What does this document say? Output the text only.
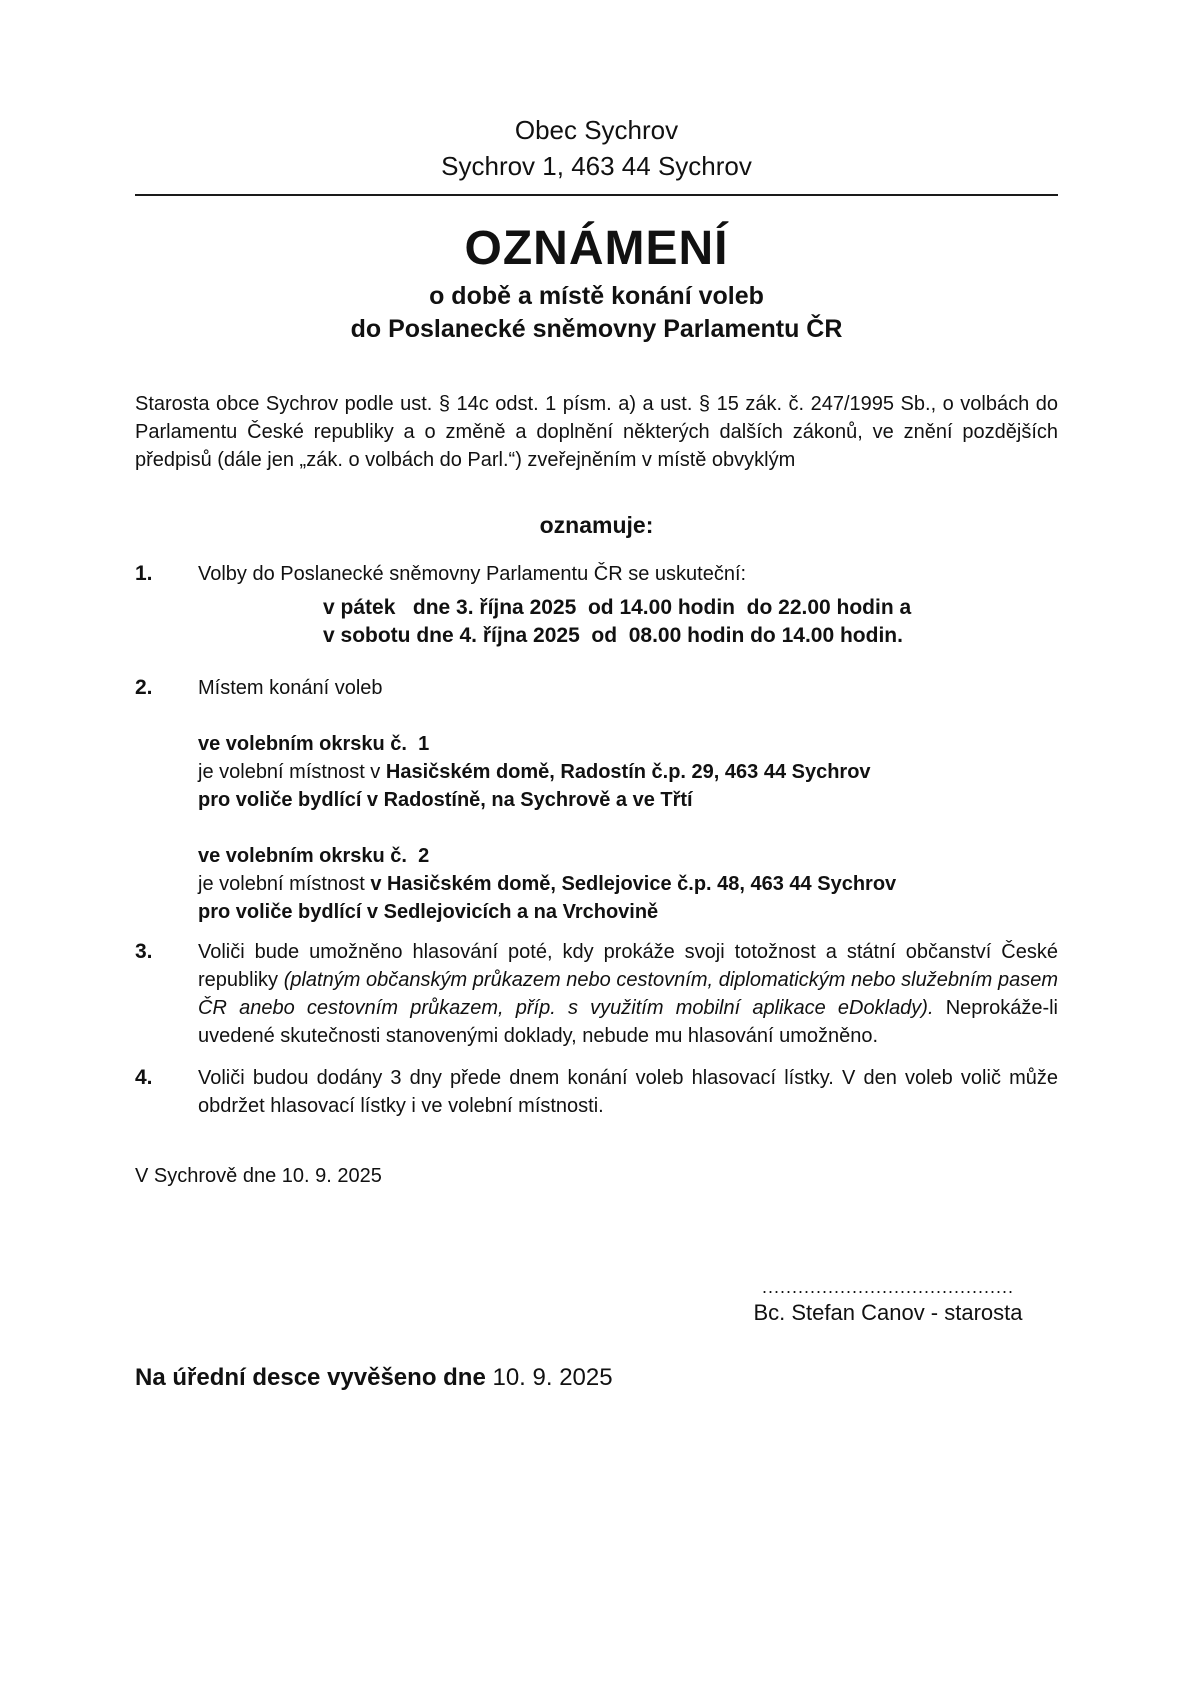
Obec Sychrov
Sychrov 1, 463 44 Sychrov
OZNÁMENÍ
o době a místě konání voleb
do Poslanecké sněmovny Parlamentu ČR

Starosta obce Sychrov podle ust. § 14c odst. 1 písm. a) a ust. § 15 zák. č. 247/1995 Sb., o volbách do Parlamentu České republiky a o změně a doplnění některých dalších zákonů, ve znění pozdějších předpisů (dále jen „zák. o volbách do Parl.“) zveřejněním v místě obvyklým

oznamuje:
1.	Volby do Poslanecké sněmovny Parlamentu ČR se uskuteční:
v pátek   dne 3. října 2025  od 14.00 hodin  do 22.00 hodin a
v sobotu dne 4. října 2025  od  08.00 hodin do 14.00 hodin.
2.	Místem konání voleb
ve volebním okrsku č.  1
je volební místnost v Hasičském domě, Radostín č.p. 29, 463 44 Sychrov
pro voliče bydlící v Radostíně, na Sychrově a ve Třtí
ve volebním okrsku č.  2
je volební místnost v Hasičském domě, Sedlejovice č.p. 48, 463 44 Sychrov
pro voliče bydlící v Sedlejovicích a na Vrchovině
3.	Voliči bude umožněno hlasování poté, kdy prokáže svoji totožnost a státní občanství České republiky (platným občanským průkazem nebo cestovním, diplomatickým nebo služebním pasem ČR anebo cestovním průkazem, příp. s využitím mobilní aplikace eDoklady). Neprokáže-li uvedené skutečnosti stanovenými doklady, nebude mu hlasování umožněno.
4.	Voliči budou dodány 3 dny přede dnem konání voleb hlasovací lístky. V den voleb volič může obdržet hlasovací lístky i ve volební místnosti.
V Sychrově dne 10. 9. 2025
..........................................
Bc. Stefan Canov - starosta
Na úřední desce vyvěšeno dne 10. 9. 2025
